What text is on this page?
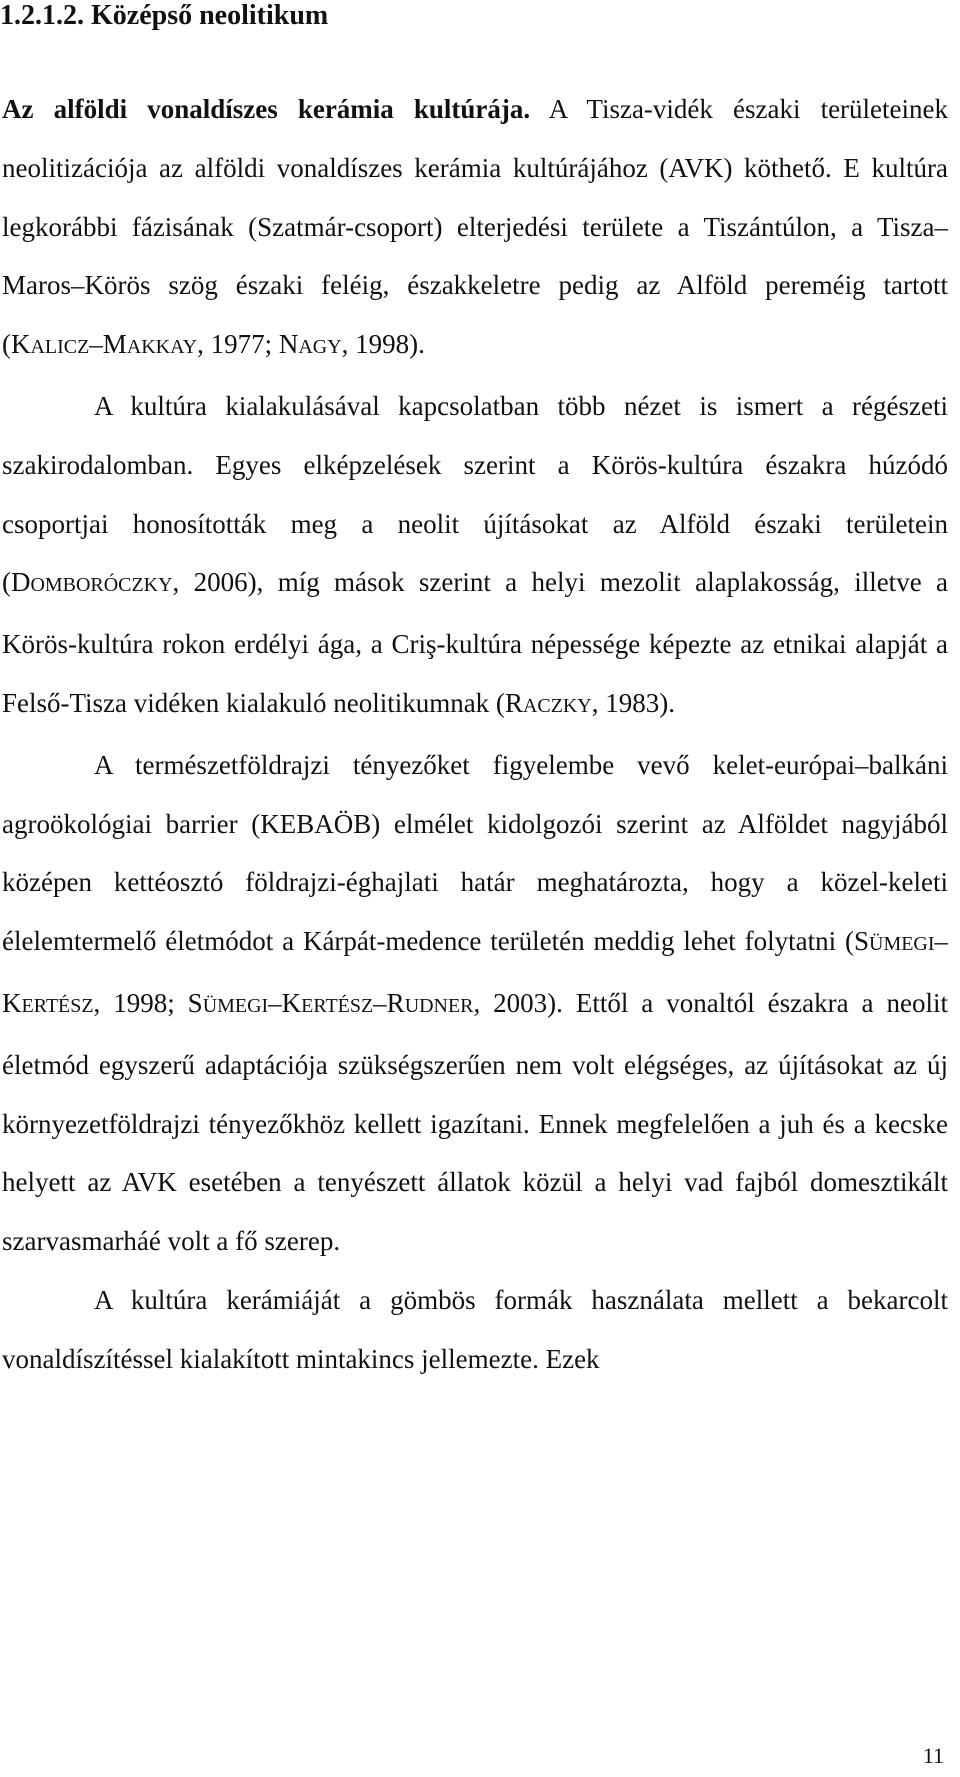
1.2.1.2. Középső neolitikum

Az alföldi vonaldíszes kerámia kultúrája. A Tisza-vidék északi területeinek neolitizációja az alföldi vonaldíszes kerámia kultúrájához (AVK) köthető. E kultúra legkorábbi fázisának (Szatmár-csoport) elterjedési területe a Tiszántúlon, a Tisza–Maros–Körös szög északi feléig, északkeletre pedig az Alföld pereméig tartott (KALICZ–MAKKAY, 1977; NAGY, 1998).

A kultúra kialakulásával kapcsolatban több nézet is ismert a régészeti szakirodalomban. Egyes elképzelések szerint a Körös-kultúra északra húzódó csoportjai honosították meg a neolit újításokat az Alföld északi területein (DOMBORÓCZKY, 2006), míg mások szerint a helyi mezolit alaplakosság, illetve a Körös-kultúra rokon erdélyi ága, a Criş-kultúra népessége képezte az etnikai alapját a Felső-Tisza vidéken kialakuló neolitikumnak (RACZKY, 1983).

A természetföldrajzi tényezőket figyelembe vevő kelet-európai–balkáni agroökológiai barrier (KEBAÖB) elmélet kidolgozói szerint az Alföldet nagyjából középen kettéosztó földrajzi-éghajlati határ meghatározta, hogy a közel-keleti élelemtermelő életmódot a Kárpát-medence területén meddig lehet folytatni (SÜMEGI–KERTÉSZ, 1998; SÜMEGI–KERTÉSZ–RUDNER, 2003). Ettől a vonaltól északra a neolit életmód egyszerű adaptációja szükségszerűen nem volt elégséges, az újításokat az új környezetföldrajzi tényezőkhöz kellett igazítani. Ennek megfelelően a juh és a kecske helyett az AVK esetében a tenyészett állatok közül a helyi vad fajból domesztikált szarvasmarháé volt a fő szerep.

A kultúra kerámiáját a gömbös formák használata mellett a bekarcolt vonaldíszítéssel kialakított mintakincs jellemezte. Ezek

11
